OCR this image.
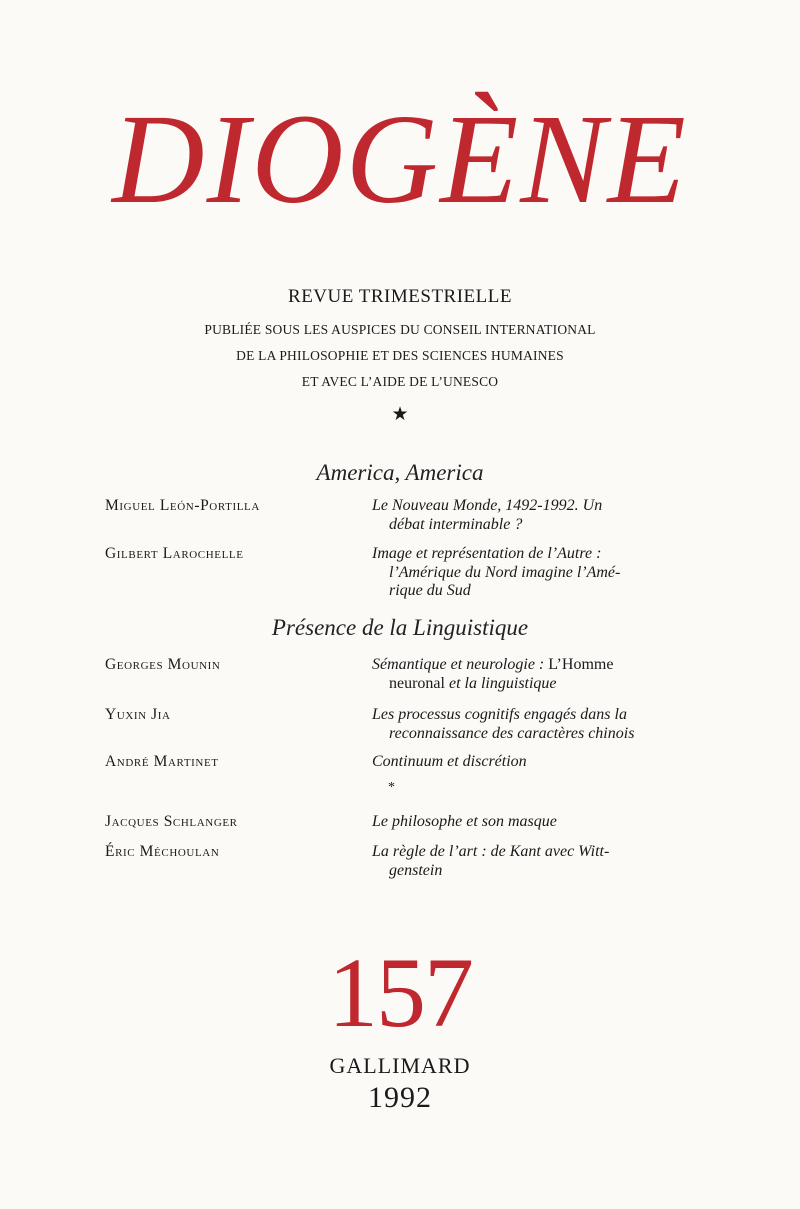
DIOGÈNE
REVUE TRIMESTRIELLE
PUBLIÉE SOUS LES AUSPICES DU CONSEIL INTERNATIONAL
DE LA PHILOSOPHIE ET DES SCIENCES HUMAINES
ET AVEC L’AIDE DE L’UNESCO
★
America, America
Miguel León-Portilla	Le Nouveau Monde, 1492-1992. Un
débat interminable ?
Gilbert Larochelle	Image et représentation de l’Autre :
l’Amérique du Nord imagine l’Amé-
rique du Sud
Présence de la Linguistique
Georges Mounin	Sémantique et neurologie : L’Homme
neuronal et la linguistique
Yuxin Jia	Les processus cognitifs engagés dans la
reconnaissance des caractères chinois
André Martinet	Continuum et discrétion
*
Jacques Schlanger	Le philosophe et son masque
Éric Méchoulan	La règle de l’art : de Kant avec Witt-
genstein
157
GALLIMARD
1992
